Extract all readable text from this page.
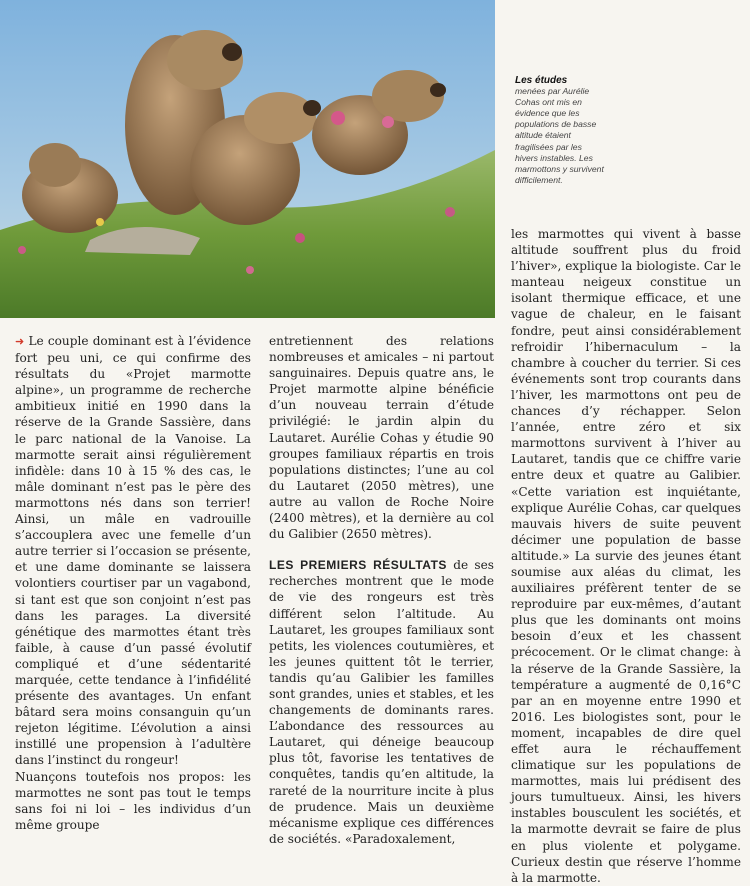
Les études
menées par Aurélie Cohas ont mis en évidence que les populations de basse altitude étaient fragilisées par les hivers instables. Les marmottons y survivent difficilement.

➜ Le couple dominant est à l’évidence fort peu uni, ce qui confirme des résultats du «Projet marmotte alpine», un programme de recherche ambitieux initié en 1990 dans la réserve de la Grande Sassière, dans le parc national de la Vanoise. La marmotte serait ainsi régulièrement infidèle: dans 10 à 15 % des cas, le mâle dominant n’est pas le père des marmottons nés dans son terrier! Ainsi, un mâle en vadrouille s’accouplera avec une femelle d’un autre terrier si l’occasion se présente, et une dame dominante se laissera volontiers courtiser par un vagabond, si tant est que son conjoint n’est pas dans les parages. La diversité génétique des marmottes étant très faible, à cause d’un passé évolutif compliqué et d’une sédentarité marquée, cette tendance à l’infidélité présente des avantages. Un enfant bâtard sera moins consanguin qu’un rejeton légitime. L’évolution a ainsi instillé une propension à l’adultère dans l’instinct du rongeur!

Nuançons toutefois nos propos: les marmottes ne sont pas tout le temps sans foi ni loi – les individus d’un même groupe

entretiennent des relations nombreuses et amicales – ni partout sanguinaires. Depuis quatre ans, le Projet marmotte alpine bénéficie d’un nouveau terrain d’étude privilégié: le jardin alpin du Lautaret. Aurélie Cohas y étudie 90 groupes familiaux répartis en trois populations distinctes; l’une au col du Lautaret (2050 mètres), une autre au vallon de Roche Noire (2400 mètres), et la dernière au col du Galibier (2650 mètres).

LES PREMIERS RÉSULTATS de ses recherches montrent que le mode de vie des rongeurs est très différent selon l’altitude. Au Lautaret, les groupes familiaux sont petits, les violences coutumières, et les jeunes quittent tôt le terrier, tandis qu’au Galibier les familles sont grandes, unies et stables, et les changements de dominants rares. L’abondance des ressources au Lautaret, qui déneige beaucoup plus tôt, favorise les tentatives de conquêtes, tandis qu’en altitude, la rareté de la nourriture incite à plus de prudence. Mais un deuxième mécanisme explique ces différences de sociétés. «Paradoxalement,

les marmottes qui vivent à basse altitude souffrent plus du froid l’hiver», explique la biologiste. Car le manteau neigeux constitue un isolant thermique efficace, et une vague de chaleur, en le faisant fondre, peut ainsi considérablement refroidir l’hibernaculum – la chambre à coucher du terrier. Si ces événements sont trop courants dans l’hiver, les marmottons ont peu de chances d’y réchapper. Selon l’année, entre zéro et six marmottons survivent à l’hiver au Lautaret, tandis que ce chiffre varie entre deux et quatre au Galibier. «Cette variation est inquiétante, explique Aurélie Cohas, car quelques mauvais hivers de suite peuvent décimer une population de basse altitude.» La survie des jeunes étant soumise aux aléas du climat, les auxiliaires préfèrent tenter de se reproduire par eux-mêmes, d’autant plus que les dominants ont moins besoin d’eux et les chassent précocement. Or le climat change: à la réserve de la Grande Sassière, la température a augmenté de 0,16°C par an en moyenne entre 1990 et 2016. Les biologistes sont, pour le moment, incapables de dire quel effet aura le réchauffement climatique sur les populations de marmottes, mais lui prédisent des jours tumultueux. Ainsi, les hivers instables bousculent les sociétés, et la marmotte devrait se faire de plus en plus violente et polygame. Curieux destin que réserve l’homme à la marmotte.
